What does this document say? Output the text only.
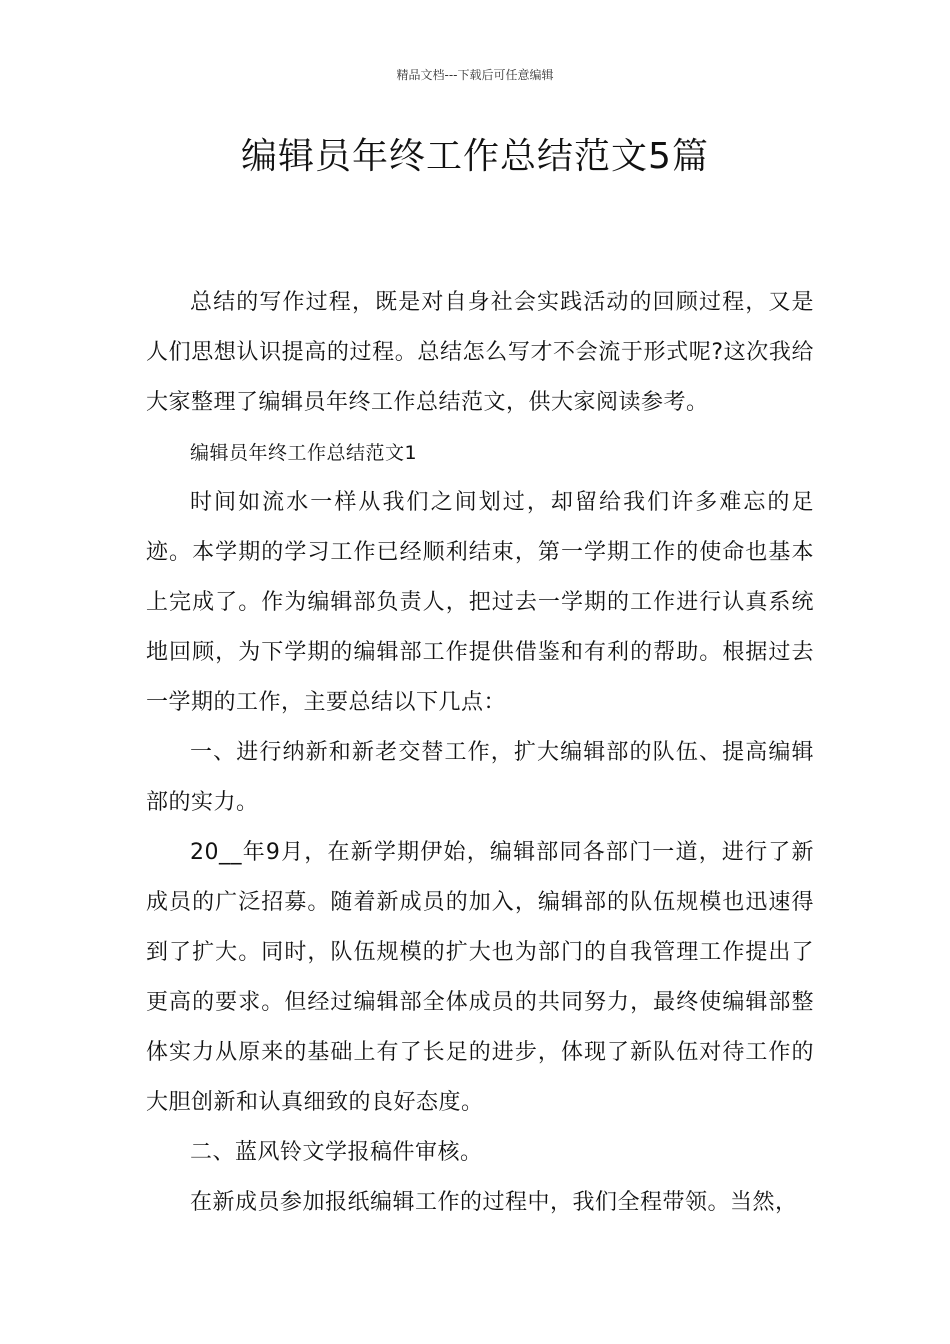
精品文档---下载后可任意编辑
编辑员年终工作总结范文5篇

总结的写作过程，既是对自身社会实践活动的回顾过程，又是人们思想认识提高的过程。总结怎么写才不会流于形式呢?这次我给大家整理了编辑员年终工作总结范文，供大家阅读参考。

编辑员年终工作总结范文1

时间如流水一样从我们之间划过，却留给我们许多难忘的足迹。本学期的学习工作已经顺利结束，第一学期工作的使命也基本上完成了。作为编辑部负责人，把过去一学期的工作进行认真系统地回顾，为下学期的编辑部工作提供借鉴和有利的帮助。根据过去一学期的工作，主要总结以下几点：

一、进行纳新和新老交替工作，扩大编辑部的队伍、提高编辑部的实力。

20__年9月，在新学期伊始，编辑部同各部门一道，进行了新成员的广泛招募。随着新成员的加入，编辑部的队伍规模也迅速得到了扩大。同时，队伍规模的扩大也为部门的自我管理工作提出了更高的要求。但经过编辑部全体成员的共同努力，最终使编辑部整体实力从原来的基础上有了长足的进步，体现了新队伍对待工作的大胆创新和认真细致的良好态度。

二、蓝风铃文学报稿件审核。

在新成员参加报纸编辑工作的过程中，我们全程带领。当然，
